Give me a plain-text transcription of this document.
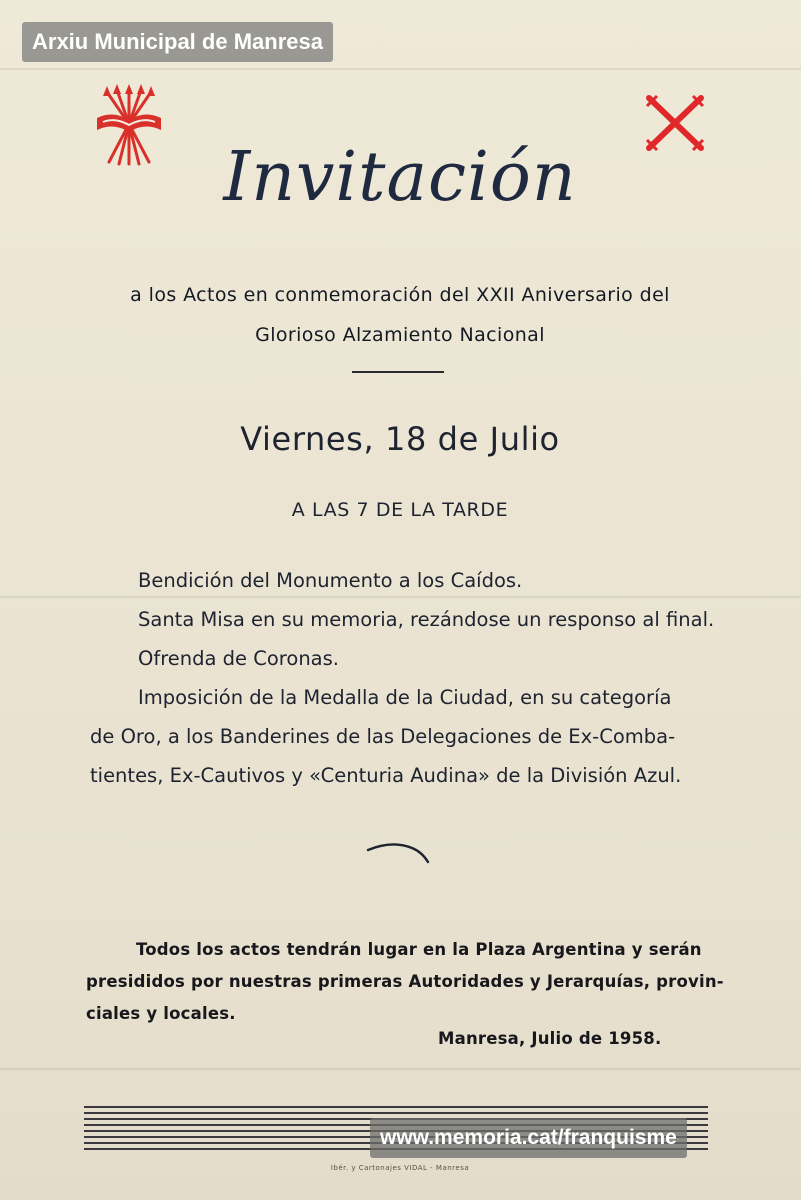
Arxiu Municipal de Manresa
Invitación
a los Actos en conmemoración del XXII Aniversario del
Glorioso Alzamiento Nacional
Viernes, 18 de Julio
A LAS 7 DE LA TARDE
Bendición del Monumento a los Caídos.
Santa Misa en su memoria, rezándose un responso al final.
Ofrenda de Coronas.
Imposición de la Medalla de la Ciudad, en su categoría
de Oro, a los Banderines de las Delegaciones de Ex-Comba-
tientes, Ex-Cautivos y «Centuria Audina» de la División Azul.
Todos los actos tendrán lugar en la Plaza Argentina y serán
presididos por nuestras primeras Autoridades y Jerarquías, provin-
ciales y locales.
Manresa, Julio de 1958.
www.memoria.cat/franquisme
Ibér. y Cartonajes VIDAL - Manresa
